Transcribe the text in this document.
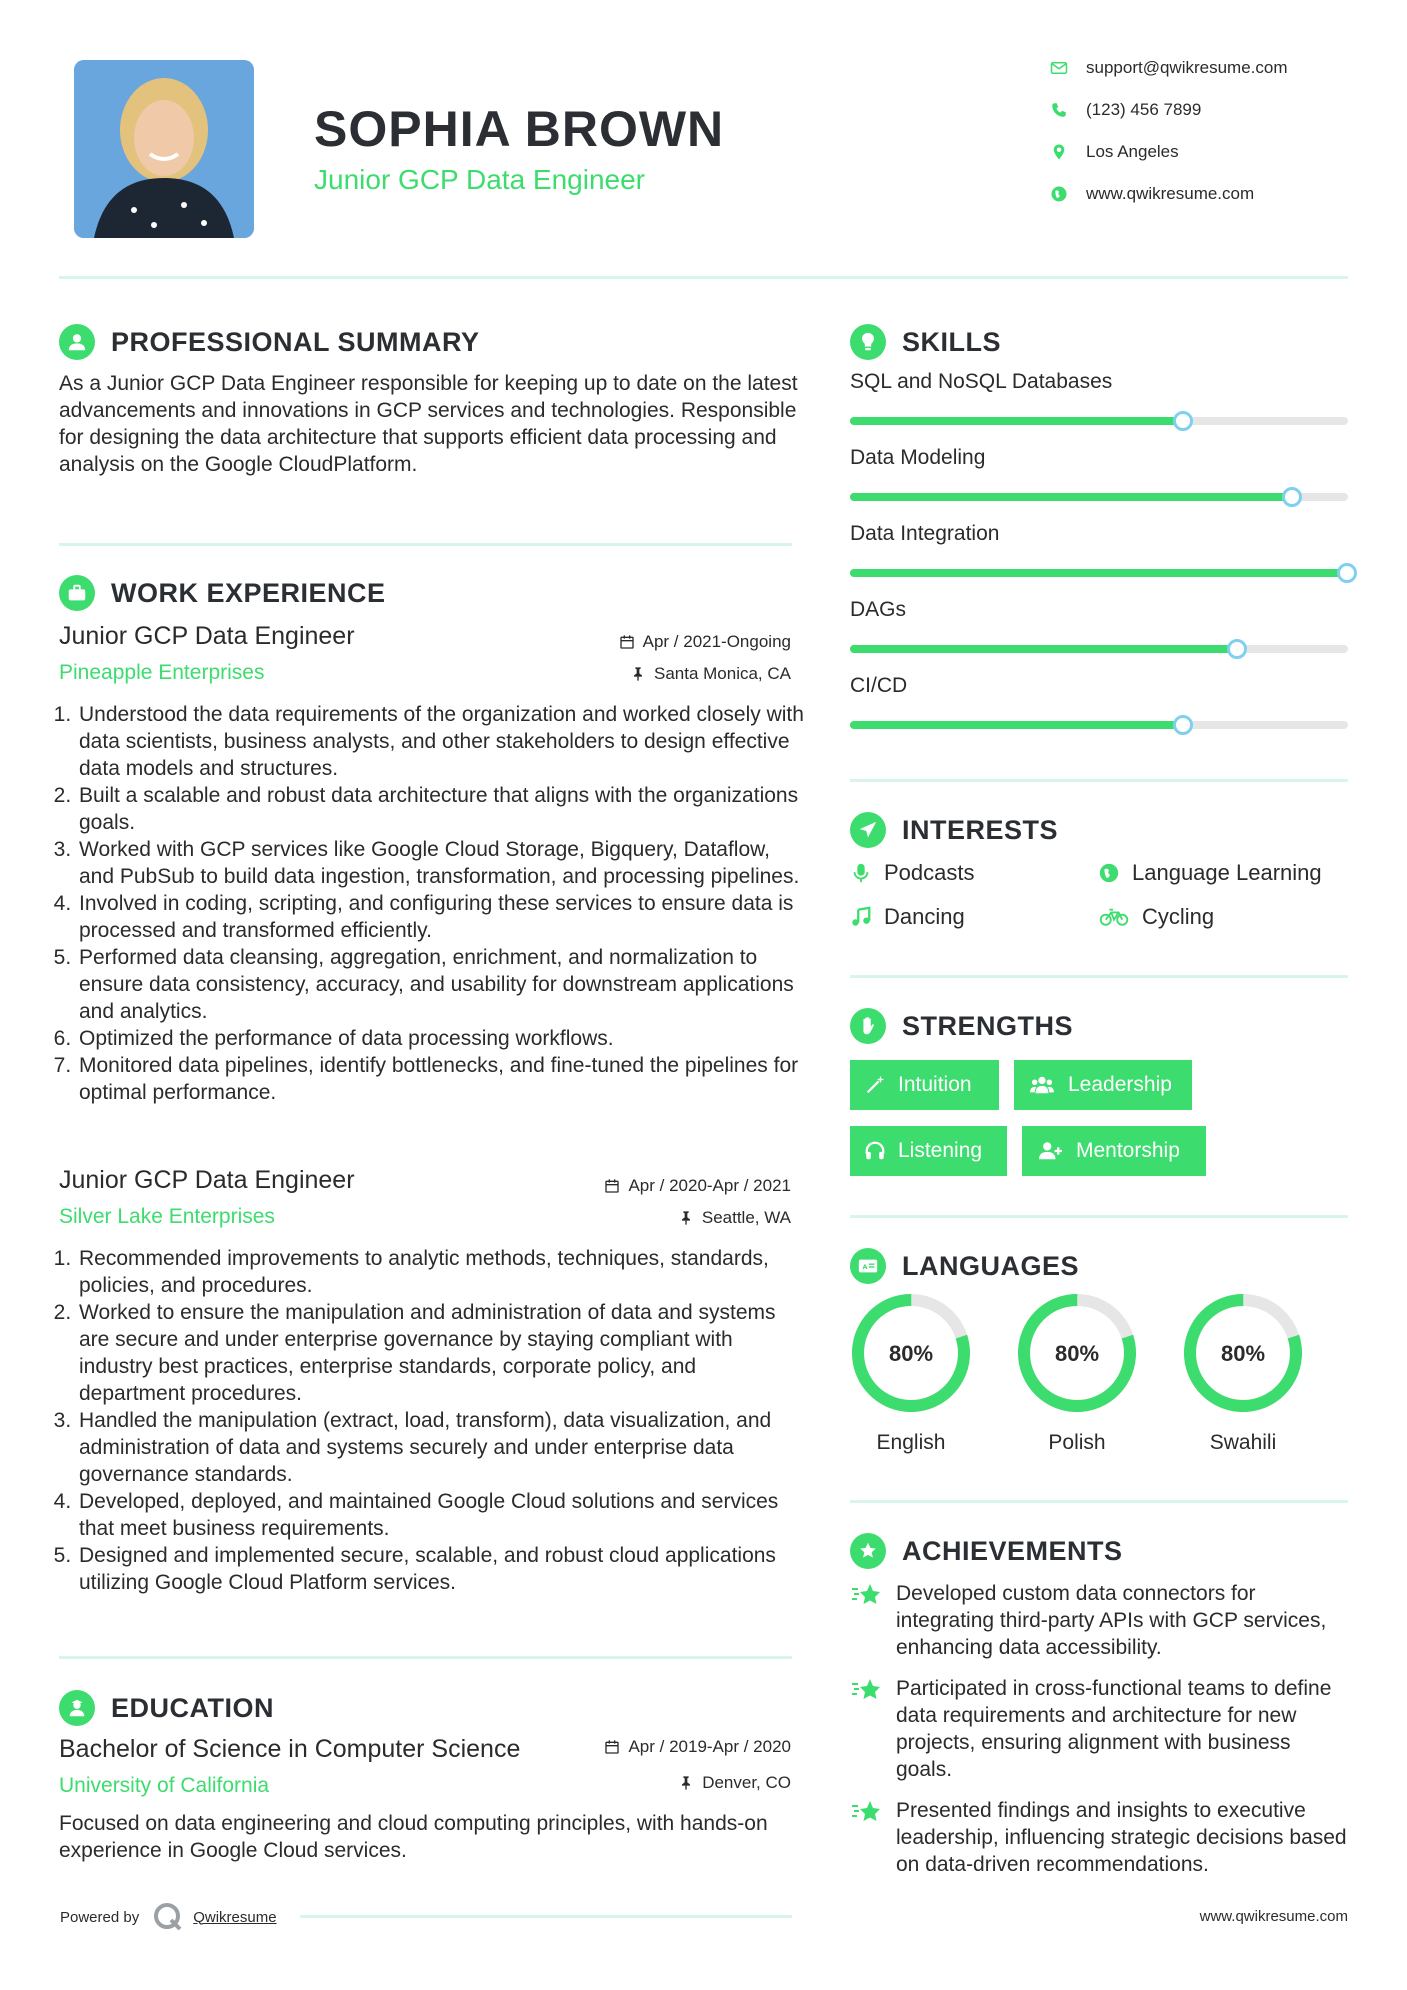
SOPHIA BROWN
Junior GCP Data Engineer
support@qwikresume.com
(123) 456 7899
Los Angeles
www.qwikresume.com
PROFESSIONAL SUMMARY
As a Junior GCP Data Engineer responsible for keeping up to date on the latest advancements and innovations in GCP services and technologies. Responsible for designing the data architecture that supports efficient data processing and analysis on the Google CloudPlatform.
WORK EXPERIENCE
Junior GCP Data Engineer	Apr / 2021-Ongoing
Pineapple Enterprises	Santa Monica, CA
1. Understood the data requirements of the organization and worked closely with data scientists, business analysts, and other stakeholders to design effective data models and structures.
2. Built a scalable and robust data architecture that aligns with the organizations goals.
3. Worked with GCP services like Google Cloud Storage, Bigquery, Dataflow, and PubSub to build data ingestion, transformation, and processing pipelines.
4. Involved in coding, scripting, and configuring these services to ensure data is processed and transformed efficiently.
5. Performed data cleansing, aggregation, enrichment, and normalization to ensure data consistency, accuracy, and usability for downstream applications and analytics.
6. Optimized the performance of data processing workflows.
7. Monitored data pipelines, identify bottlenecks, and fine-tuned the pipelines for optimal performance.
Junior GCP Data Engineer	Apr / 2020-Apr / 2021
Silver Lake Enterprises	Seattle, WA
1. Recommended improvements to analytic methods, techniques, standards, policies, and procedures.
2. Worked to ensure the manipulation and administration of data and systems are secure and under enterprise governance by staying compliant with industry best practices, enterprise standards, corporate policy, and department procedures.
3. Handled the manipulation (extract, load, transform), data visualization, and administration of data and systems securely and under enterprise data governance standards.
4. Developed, deployed, and maintained Google Cloud solutions and services that meet business requirements.
5. Designed and implemented secure, scalable, and robust cloud applications utilizing Google Cloud Platform services.
EDUCATION
Bachelor of Science in Computer Science	Apr / 2019-Apr / 2020
University of California	Denver, CO
Focused on data engineering and cloud computing principles, with hands-on experience in Google Cloud services.
Powered by	Qwikresume	www.qwikresume.com
SKILLS
SQL and NoSQL Databases
Data Modeling
Data Integration
DAGs
CI/CD
INTERESTS
Podcasts	Language Learning
Dancing	Cycling
STRENGTHS
Intuition	Leadership
Listening	Mentorship
A LANGUAGES
80%
English
80%
Polish
80%
Swahili
ACHIEVEMENTS
Developed custom data connectors for integrating third-party APIs with GCP services, enhancing data accessibility.
Participated in cross-functional teams to define data requirements and architecture for new projects, ensuring alignment with business goals.
Presented findings and insights to executive leadership, influencing strategic decisions based on data-driven recommendations.
